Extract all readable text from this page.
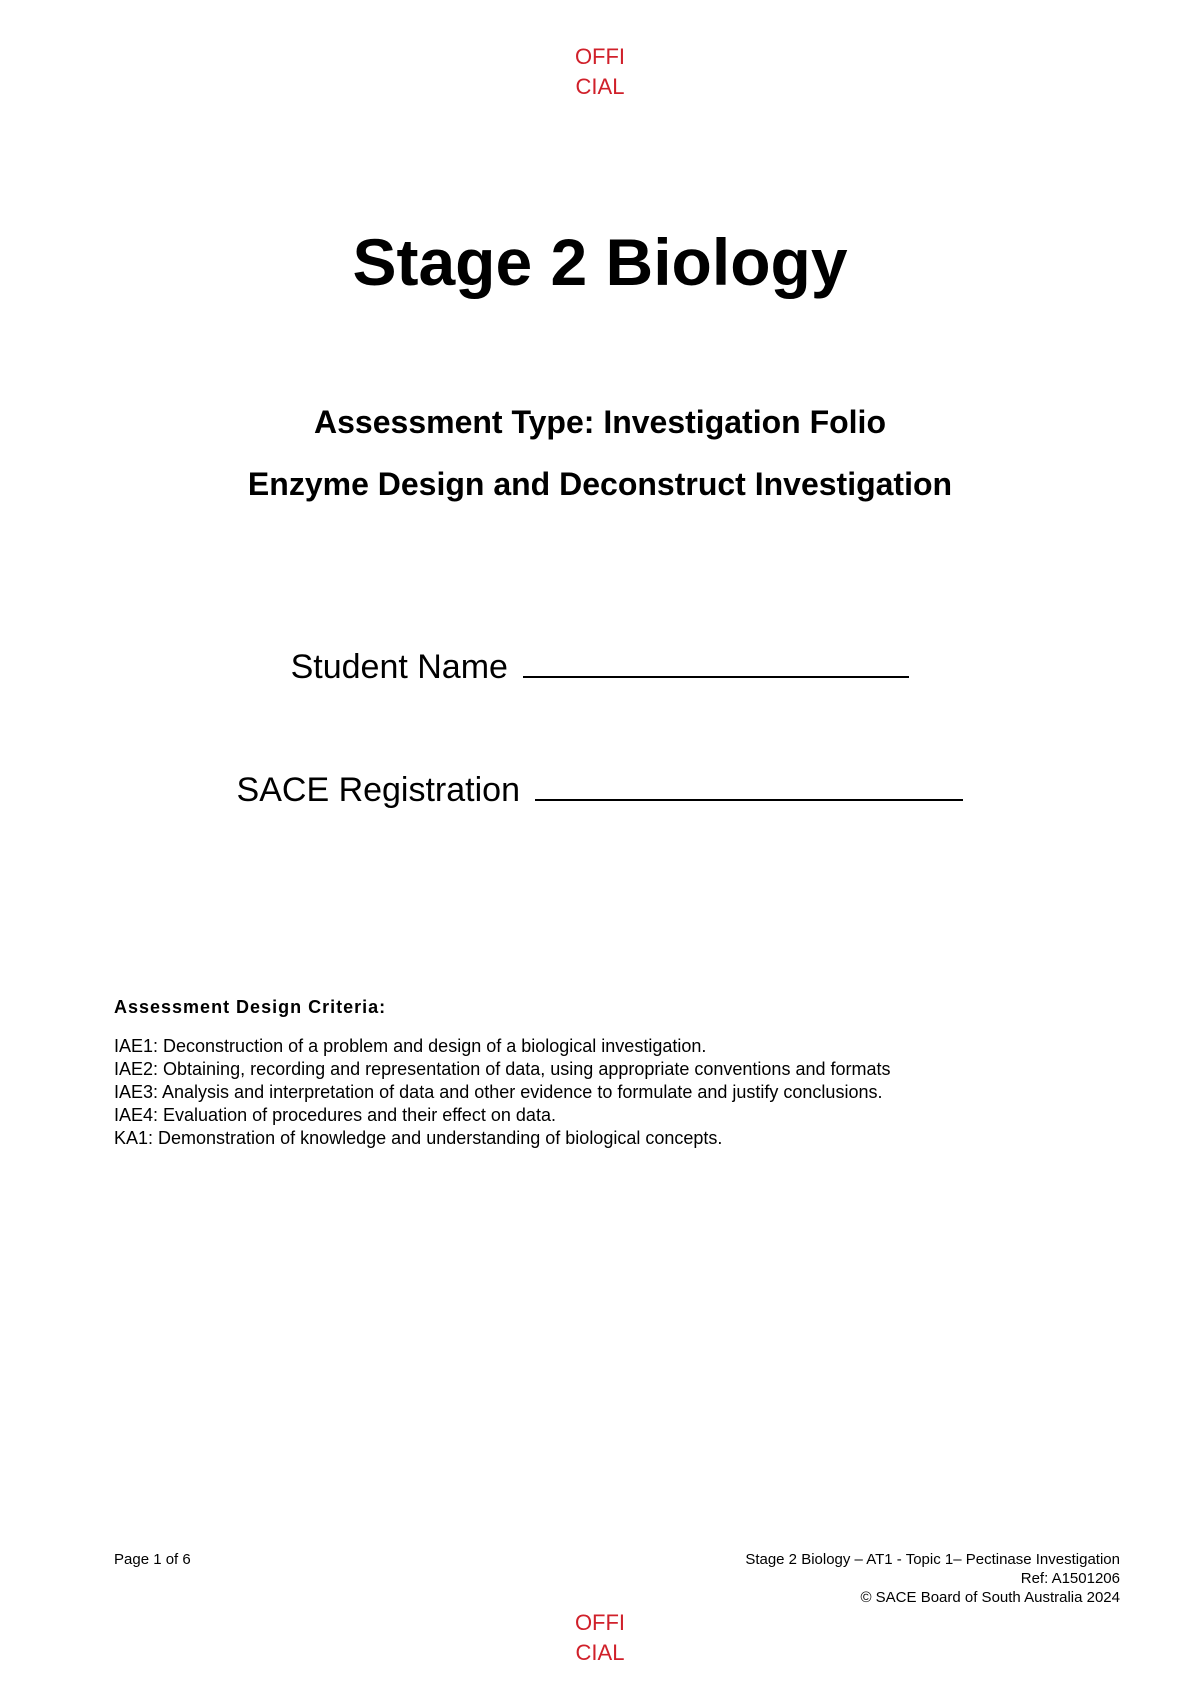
OFFI
CIAL
Stage 2 Biology
Assessment Type: Investigation Folio
Enzyme Design and Deconstruct Investigation
Student Name
SACE Registration
Assessment Design Criteria:
IAE1: Deconstruction of a problem and design of a biological investigation.
IAE2: Obtaining, recording and representation of data, using appropriate conventions and formats
IAE3: Analysis and interpretation of data and other evidence to formulate and justify conclusions.
IAE4: Evaluation of procedures and their effect on data.
KA1: Demonstration of knowledge and understanding of biological concepts.
Page 1 of 6	Stage 2 Biology – AT1 - Topic 1– Pectinase Investigation
Ref: A1501206
© SACE Board of South Australia 2024
OFFI
CIAL
